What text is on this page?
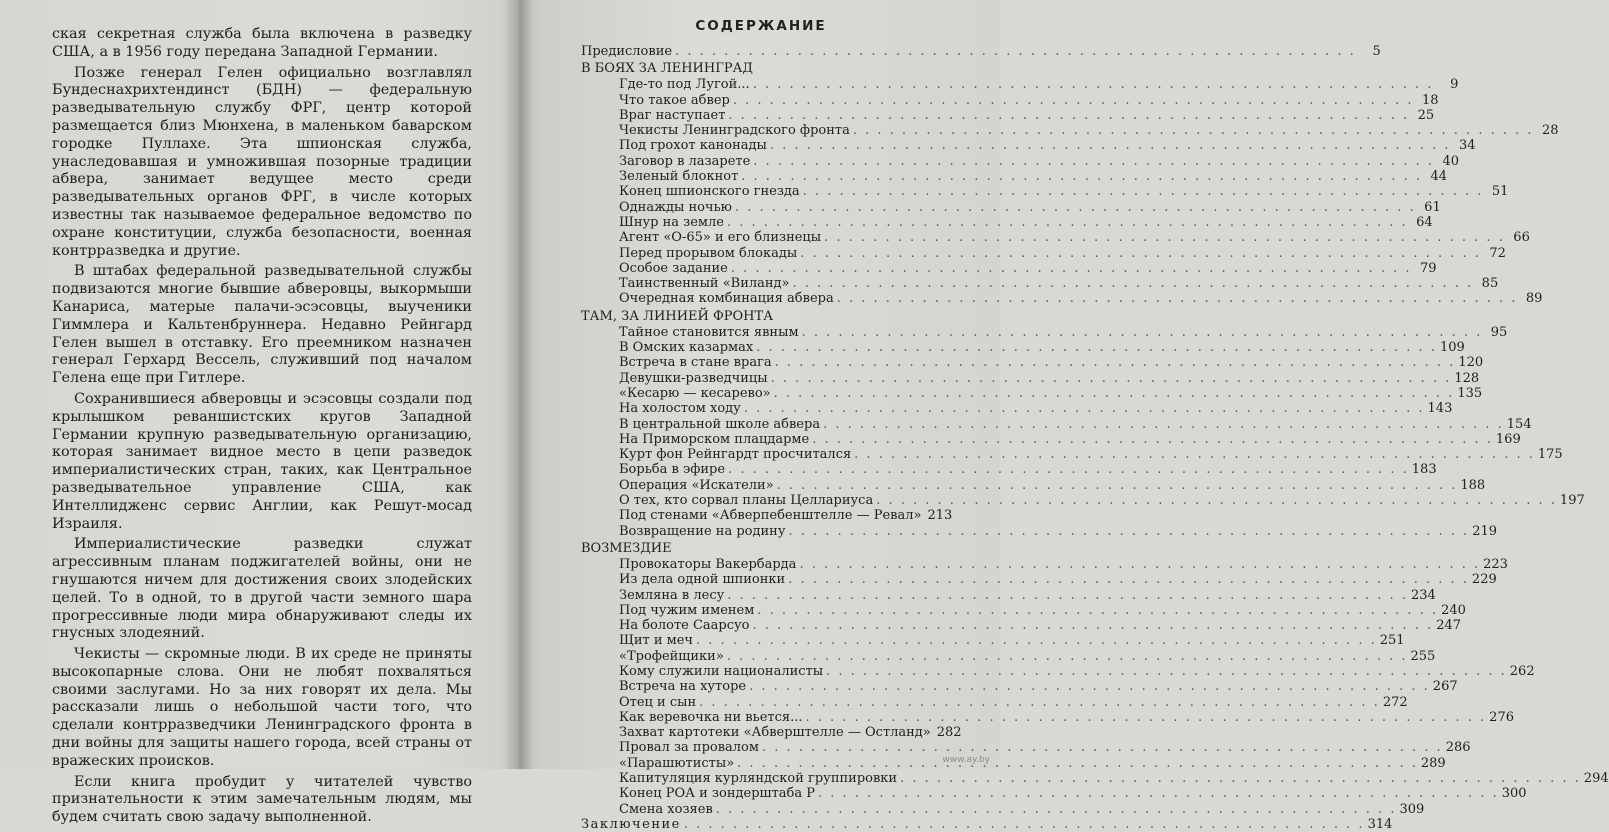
ская секретная служба была включена в разведку США, а в 1956 году передана Западной Германии.

Позже генерал Гелен официально возглавлял Бундеснахрихтендинст (БДН) — федеральную разведывательную службу ФРГ, центр которой размещается близ Мюнхена, в маленьком баварском городке Пуллахе. Эта шпионская служба, унаследовавшая и умножившая позорные традиции абвера, занимает ведущее место среди разведывательных органов ФРГ, в числе которых известны так называемое федеральное ведомство по охране конституции, служба безопасности, военная контрразведка и другие.

В штабах федеральной разведывательной службы подвизаются многие бывшие абверовцы, выкормыши Канариса, матерые палачи-эсэсовцы, выученики Гиммлера и Кальтенбруннера. Недавно Рейнгард Гелен вышел в отставку. Его преемником назначен генерал Герхард Вессель, служивший под началом Гелена еще при Гитлере.

Сохранившиеся абверовцы и эсэсовцы создали под крылышком реваншистских кругов Западной Германии крупную разведывательную организацию, которая занимает видное место в цепи разведок империалистических стран, таких, как Центральное разведывательное управление США, как Интеллидженс сервис Англии, как Решут-мосад Израиля.

Империалистические разведки служат агрессивным планам поджигателей войны, они не гнушаются ничем для достижения своих злодейских целей. То в одной, то в другой части земного шара прогрессивные люди мира обнаруживают следы их гнусных злодеяний.

Чекисты — скромные люди. В их среде не приняты высокопарные слова. Они не любят похваляться своими заслугами. Но за них говорят их дела. Мы рассказали лишь о небольшой части того, что сделали контрразведчики Ленинградского фронта в дни войны для защиты нашего города, всей страны от вражеских происков.

Если книга пробудит у читателей чувство признательности к этим замечательным людям, мы будем считать свою задачу выполненной.

СОДЕРЖАНИЕ
Предисловие . . .	5
В БОЯХ ЗА ЛЕНИНГРАД
Где-то под Лугой... . . .	9
Что такое абвер . . .	18
Враг наступает . . .	25
Чекисты Ленинградского фронта . . .	28
Под грохот канонады . . .	34
Заговор в лазарете . . .	40
Зеленый блокнот . . .	44
Конец шпионского гнезда . . .	51
Однажды ночью . . .	61
Шнур на земле . . .	64
Агент «О-65» и его близнецы . . .	66
Перед прорывом блокады . . .	72
Особое задание . . .	79
Таинственный «Виланд» . . .	85
Очередная комбинация абвера . . .	89
ТАМ, ЗА ЛИНИЕЙ ФРОНТА
Тайное становится явным . . .	95
В Омских казармах . . .	109
Встреча в стане врага . . .	120
Девушки-разведчицы . . .	128
«Кесарю — кесарево» . . .	135
На холостом ходу . . .	143
В центральной школе абвера . . .	154
На Приморском плацдарме . . .	169
Курт фон Рейнгардт просчитался . . .	175
Борьба в эфире . . .	183
Операция «Искатели» . . .	188
О тех, кто сорвал планы Целлариуса . . .	197
Под стенами «Абверпебенштелле — Ревал» 213
Возвращение на родину . . .	219
ВОЗМЕЗДИЕ
Провокаторы Вакербарда . . .	223
Из дела одной шпионки . . .	229
Земляна в лесу . . .	234
Под чужим именем . . .	240
На болоте Саарсуо . . .	247
Щит и меч . . .	251
«Трофейщики» . . .	255
Кому служили националисты . . .	262
Встреча на хуторе . . .	267
Отец и сын . . .	272
Как веревочка ни вьется... . . .	276
Захват картотеки «Абверштелле — Остланд» 282
Провал за провалом . . .	286
«Парашютисты» . . .	289
Капитуляция курляндской группировки . . .	294
Конец РОА и зондерштаба Р . . .	300
Смена хозяев . . .	309
Заключение . . .	314
www.ay.by
